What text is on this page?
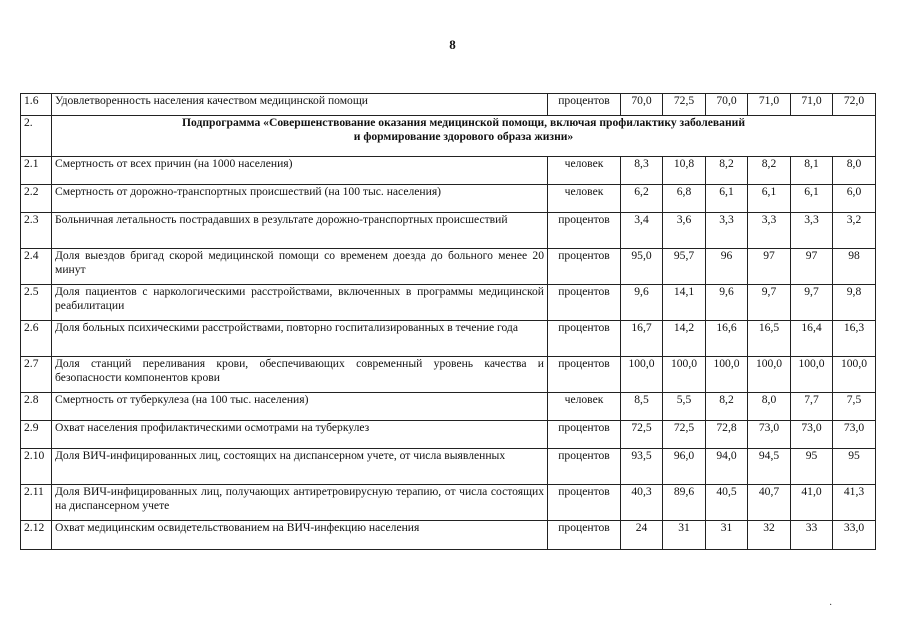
8
1.6	Удовлетворенность населения качеством медицинской помощи	процентов	70,0	72,5	70,0	71,0	71,0	72,0
2.	Подпрограмма «Совершенствование оказания медицинской помощи, включая профилактику заболеваний
и формирование здорового образа жизни»							

2.1	Смертность от всех причин (на 1000 населения)	человек	8,3	10,8	8,2	8,2	8,1	8,0
2.2	Смертность от дорожно-транспортных происшествий (на 100 тыс. населения)	человек	6,2	6,8	6,1	6,1	6,1	6,0
2.3	Больничная летальность пострадавших в результате дорожно-транспортных происшествий	процентов	3,4	3,6	3,3	3,3	3,3	3,2
2.4	Доля выездов бригад скорой медицинской помощи со временем доезда до больного менее 20 минут	процентов	95,0	95,7	96	97	97	98
2.5	Доля пациентов с наркологическими расстройствами, включенных в программы медицинской реабилитации	процентов	9,6	14,1	9,6	9,7	9,7	9,8
2.6	Доля больных психическими расстройствами, повторно госпитализированных в течение года	процентов	16,7	14,2	16,6	16,5	16,4	16,3
2.7	Доля станций переливания крови, обеспечивающих современный уровень качества и безопасности компонентов крови	процентов	100,0	100,0	100,0	100,0	100,0	100,0
2.8	Смертность от туберкулеза (на 100 тыс. населения)	человек	8,5	5,5	8,2	8,0	7,7	7,5
2.9	Охват населения профилактическими осмотрами на туберкулез	процентов	72,5	72,5	72,8	73,0	73,0	73,0
2.10	Доля ВИЧ-инфицированных лиц, состоящих на диспансерном учете, от числа выявленных	процентов	93,5	96,0	94,0	94,5	95	95
2.11	Доля ВИЧ-инфицированных лиц, получающих антиретровирусную терапию, от числа состоящих на диспансерном учете	процентов	40,3	89,6	40,5	40,7	41,0	41,3
2.12	Охват медицинским освидетельствованием на ВИЧ-инфекцию населения	процентов	24	31	31	32	33	33,0
·
